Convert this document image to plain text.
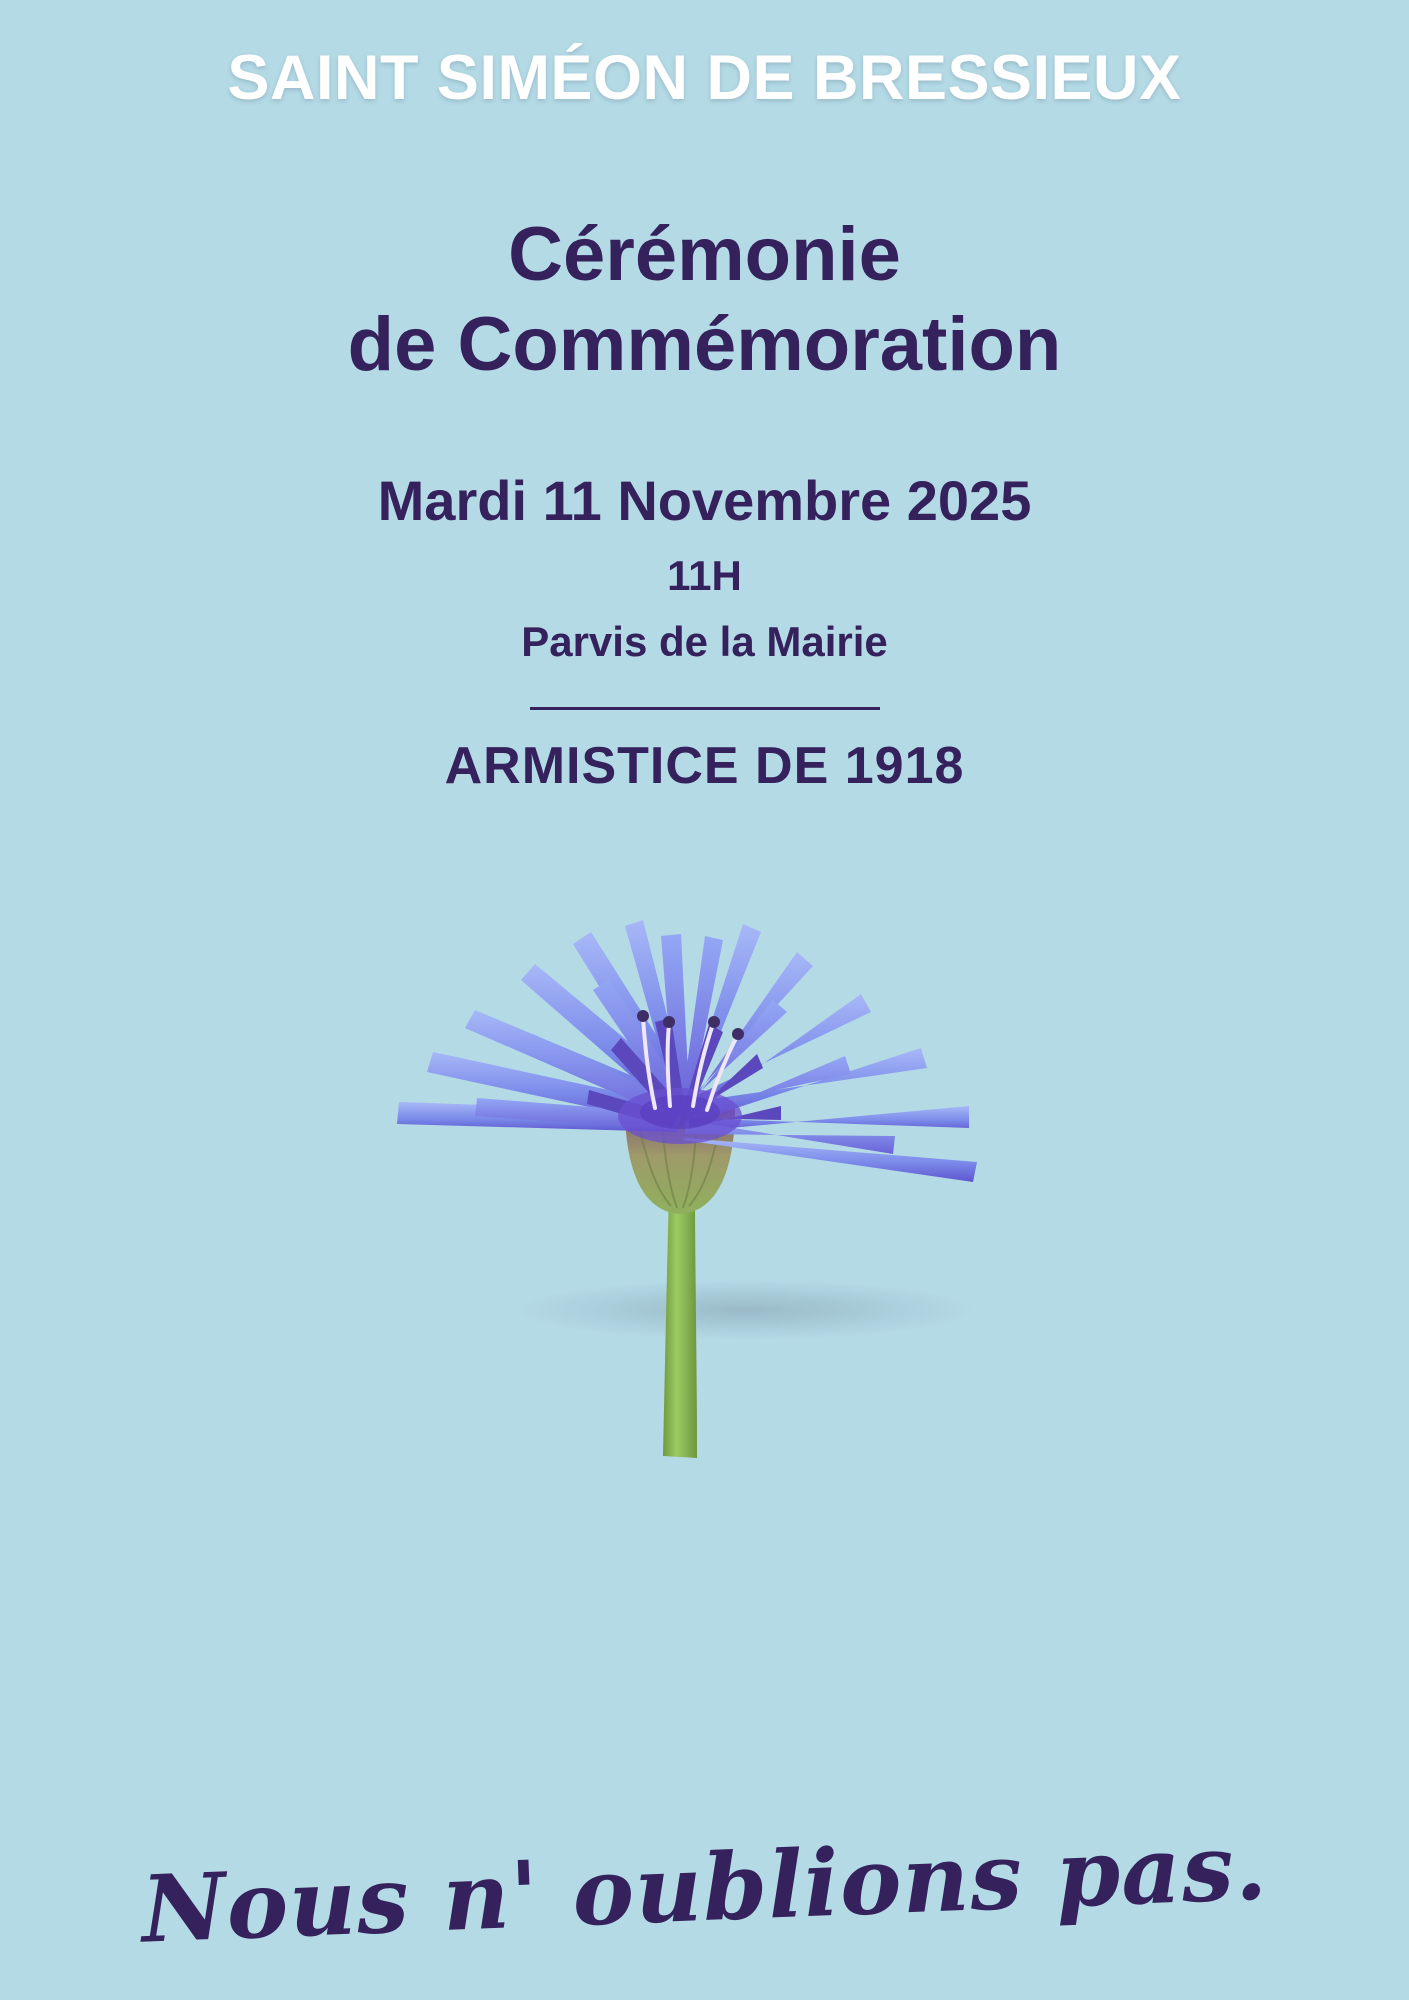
SAINT SIMÉON DE BRESSIEUX
Cérémonie
de Commémoration
Mardi 11 Novembre 2025
11H
Parvis de la Mairie
ARMISTICE DE 1918
Nous n' oublions pas.
